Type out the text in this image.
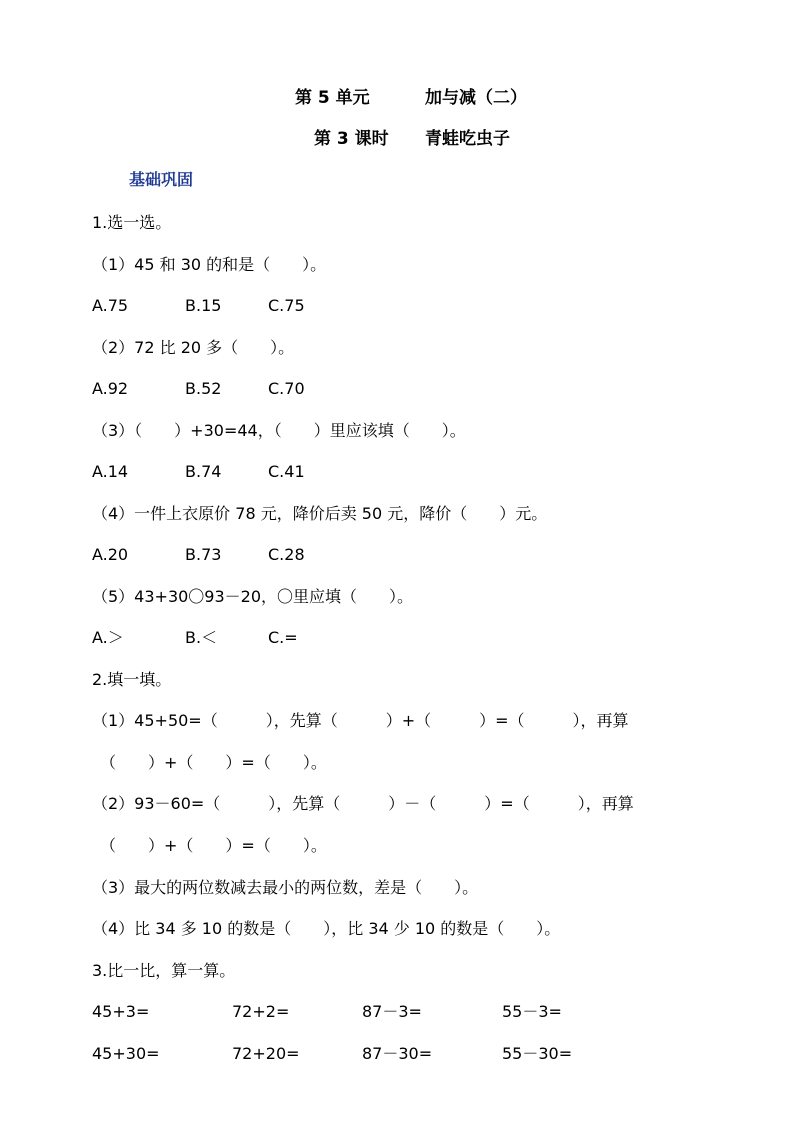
第 5 单元	加与减（二）
第 3 课时 青蛙吃虫子
基础巩固
1.选一选。
（1）45 和 30 的和是（　　）。
A.75	B.15	C.75
（2）72 比 20 多（　　）。
A.92	B.52	C.70
（3）（　　）+30=44，（　　）里应该填（　　）。
A.14	B.74	C.41
（4）一件上衣原价 78 元，降价后卖 50 元，降价（　　）元。
A.20	B.73	C.28
（5）43+30〇93－20，〇里应填（　　）。
A.＞	B.＜	C.=
2.填一填。
（1）45+50=（　　　），先算（　　　）+（　　　）=（　　　），再算
（　　）+（　　）=（　　）。
（2）93－60=（　　　），先算（　　　）－（　　　）=（　　　），再算
（　　）+（　　）=（　　）。
（3）最大的两位数减去最小的两位数，差是（　　）。
（4）比 34 多 10 的数是（　　），比 34 少 10 的数是（　　）。
3.比一比，算一算。
45+3=	72+2=	87－3=	55－3=
45+30=	72+20=	87－30=	55－30=
